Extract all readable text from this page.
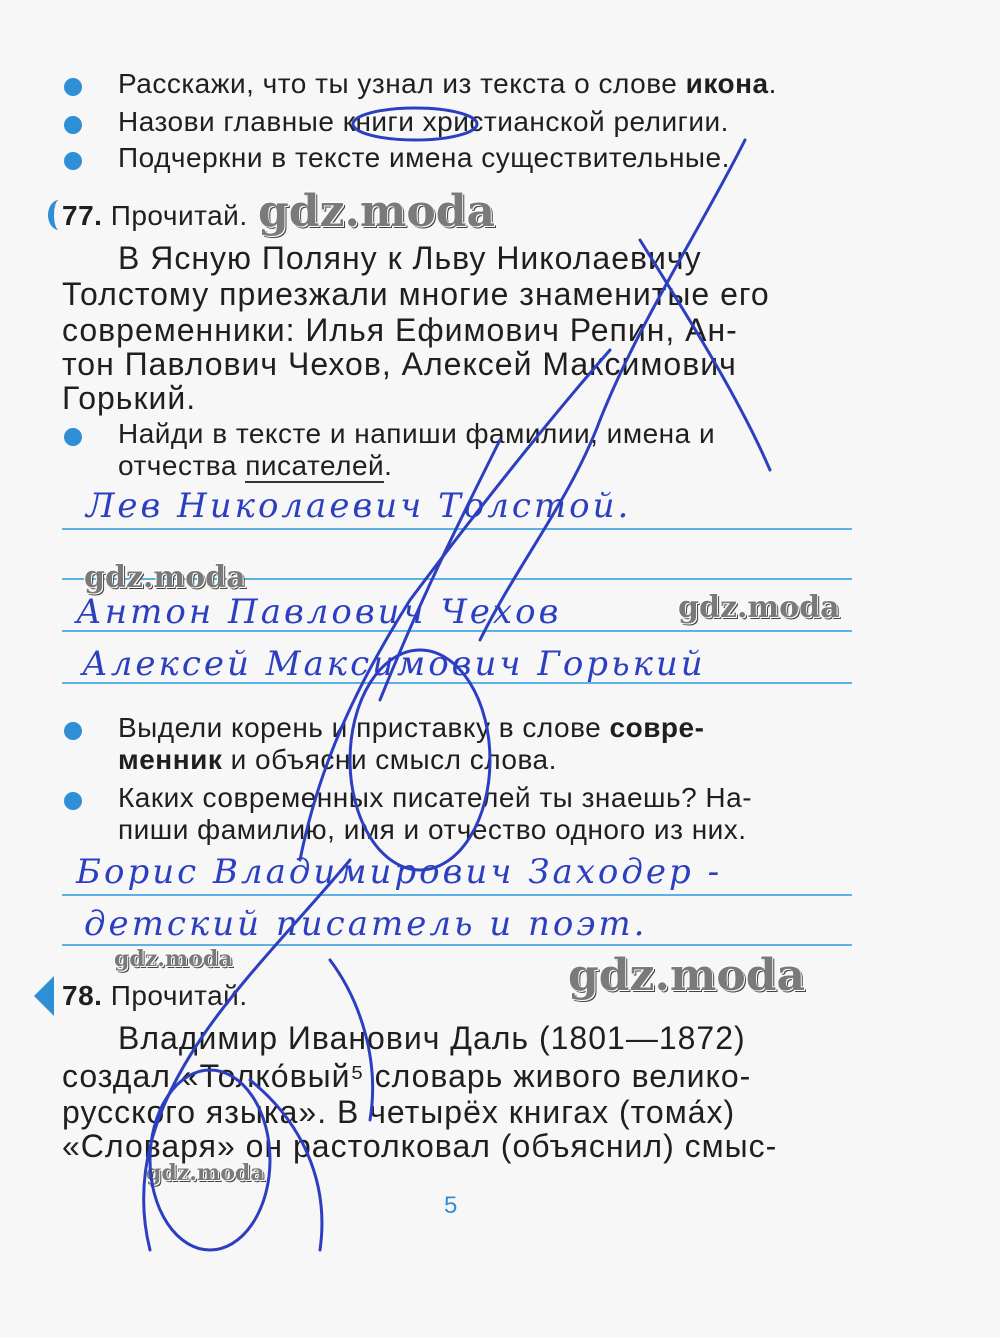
Расскажи, что ты узнал из текста о слове икона.
Назови главные книги христианской религии.
Подчеркни в тексте имена существительные.
77. Прочитай. gdz.moda
В Ясную Поляну к Льву Николаевичу
Толстому приезжали многие знаменитые его
современники: Илья Ефимович Репин, Ан-
тон Павлович Чехов, Алексей Максимович
Горький.
Найди в тексте и напиши фамилии, имена и
отчества писателей.
Лев Николаевич Толстой.
gdz.moda
Антон Павлович Чехов	gdz.moda
Алексей Максимович Горький
Выдели корень и приставку в слове совре-
менник и объясни смысл слова.
Каких современных писателей ты знаешь? На-
пиши фамилию, имя и отчество одного из них.
Борис Владимирович Заходер -
детский писатель и поэт.
gdz.moda	gdz.moda
78. Прочитай.
Владимир Иванович Даль (1801—1872)
создал «Толко́вый⁵ словарь живого велико-
русского языка». В четырёх книгах (тома́х)
«Словаря» он растолковал (объяснил) смыс-
gdz.moda
5
